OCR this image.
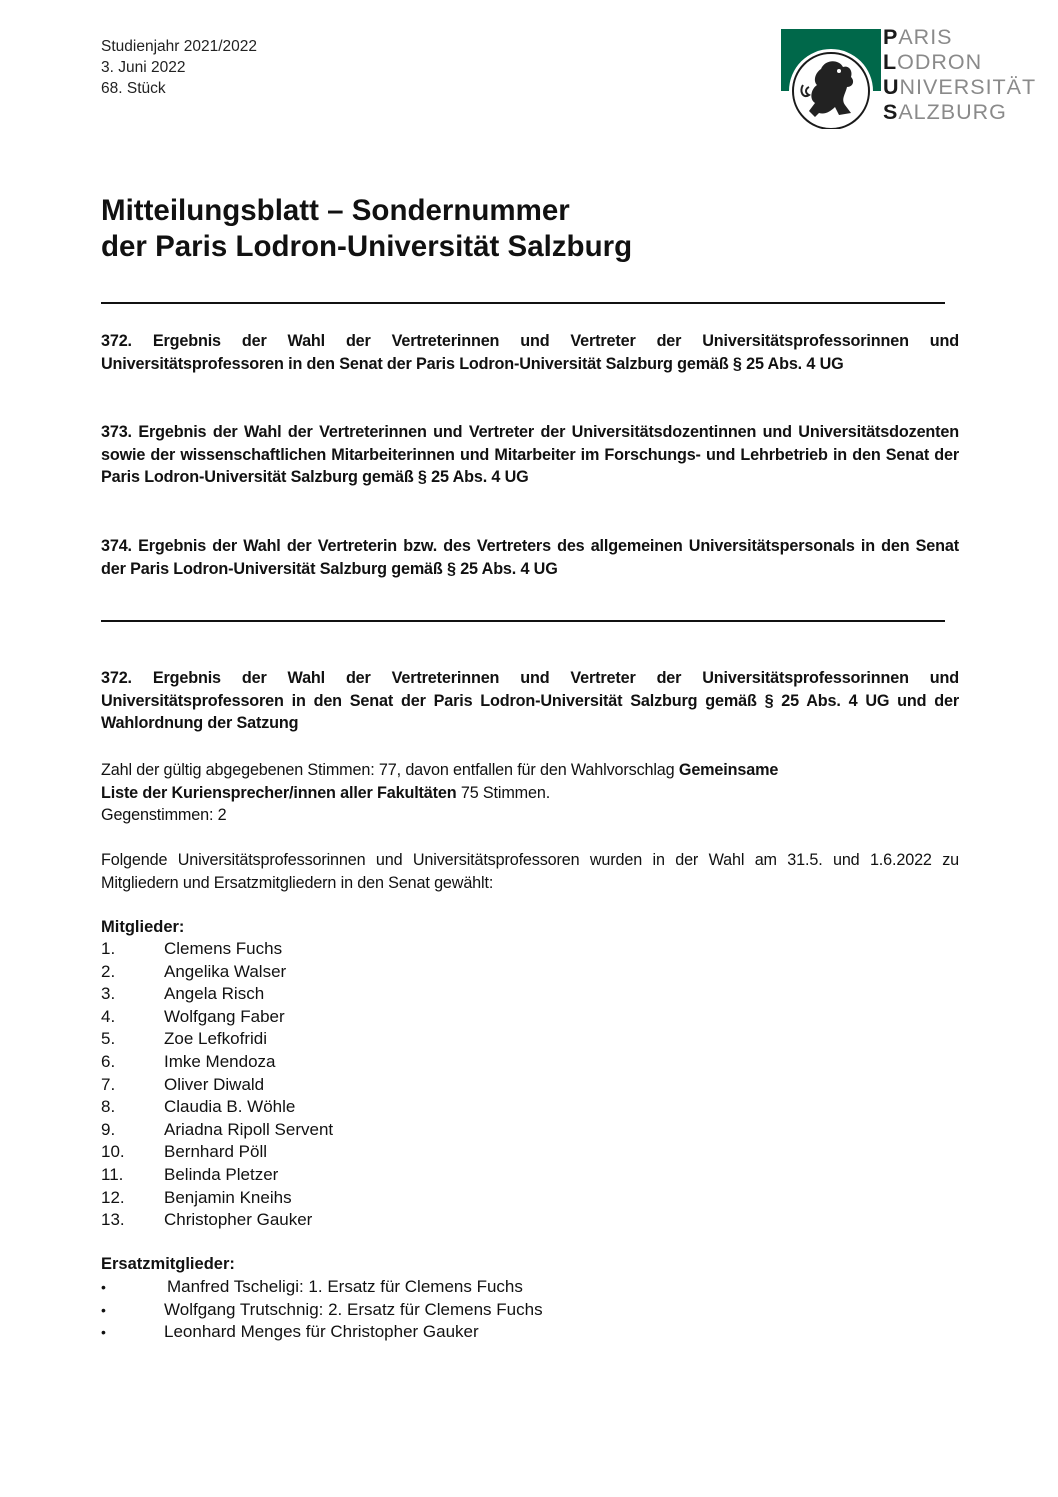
Studienjahr 2021/2022
3. Juni 2022
68. Stück
PARIS
LODRON
UNIVERSITÄT
SALZBURG
Mitteilungsblatt – Sondernummer
der Paris Lodron-Universität Salzburg
372. Ergebnis der Wahl der Vertreterinnen und Vertreter der Universitätsprofessorinnen und Universitätsprofessoren in den Senat der Paris Lodron-Universität Salzburg gemäß § 25 Abs. 4 UG
373. Ergebnis der Wahl der Vertreterinnen und Vertreter der Universitätsdozentinnen und Universitätsdozenten sowie der wissenschaftlichen Mitarbeiterinnen und Mitarbeiter im Forschungs- und Lehrbetrieb in den Senat der Paris Lodron-Universität Salzburg gemäß § 25 Abs. 4 UG
374. Ergebnis der Wahl der Vertreterin bzw. des Vertreters des allgemeinen Universitätspersonals in den Senat der Paris Lodron-Universität Salzburg gemäß § 25 Abs. 4 UG
372. Ergebnis der Wahl der Vertreterinnen und Vertreter der Universitätsprofessorinnen und Universitätsprofessoren in den Senat der Paris Lodron-Universität Salzburg gemäß § 25 Abs. 4 UG und der Wahlordnung der Satzung
Zahl der gültig abgegebenen Stimmen: 77, davon entfallen für den Wahlvorschlag Gemeinsame
Liste der Kuriensprecher/innen aller Fakultäten 75 Stimmen.
Gegenstimmen: 2
Folgende Universitätsprofessorinnen und Universitätsprofessoren wurden in der Wahl am 31.5. und 1.6.2022 zu Mitgliedern und Ersatzmitgliedern in den Senat gewählt:
Mitglieder:
1.	Clemens Fuchs
2.	Angelika Walser
3.	Angela Risch
4.	Wolfgang Faber
5.	Zoe Lefkofridi
6.	Imke Mendoza
7.	Oliver Diwald
8.	Claudia B. Wöhle
9.	Ariadna Ripoll Servent
10.	Bernhard Pöll
11.	Belinda Pletzer
12.	Benjamin Kneihs
13.	Christopher Gauker
Ersatzmitglieder:
•	Manfred Tscheligi: 1. Ersatz für Clemens Fuchs
•	Wolfgang Trutschnig: 2. Ersatz für Clemens Fuchs
•	Leonhard Menges für Christopher Gauker
